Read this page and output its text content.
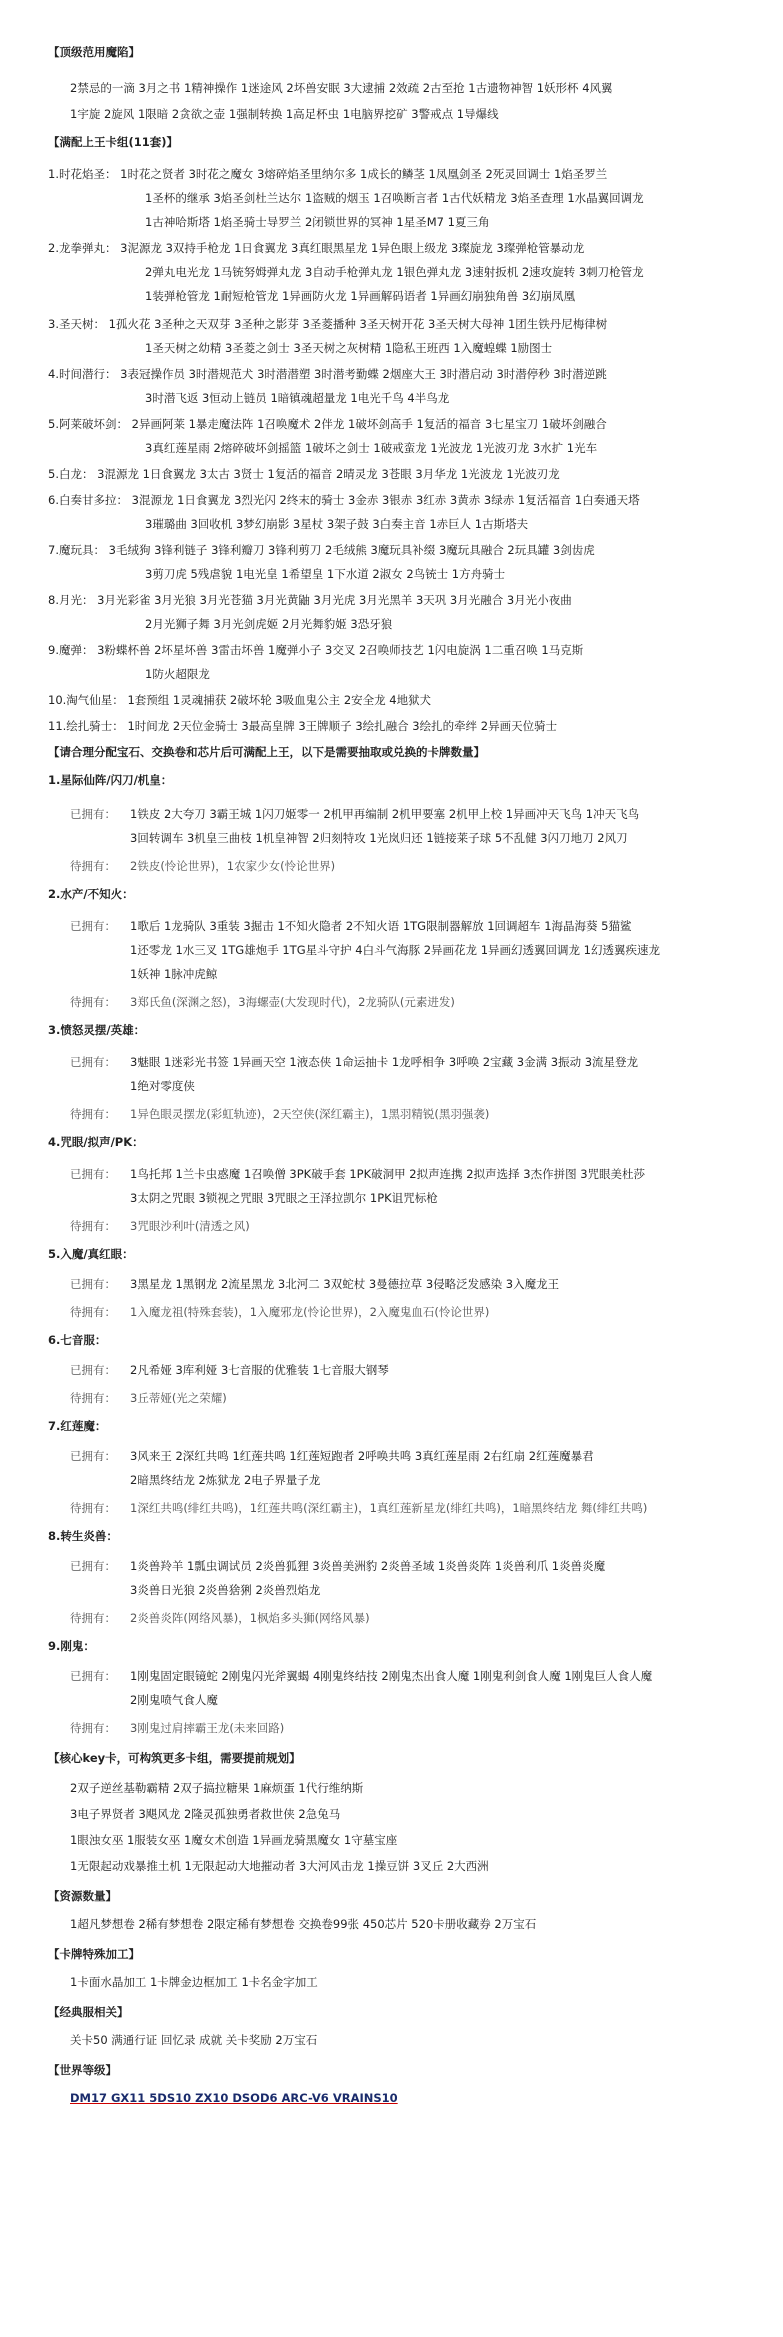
【顶级范用魔陷】
2禁忌的一滴 3月之书 1精神操作 1迷途风 2坏兽安眠 3大逮捕 2效疏 2古至抢 1古遗物神智 1妖形杯 4风翼
1宇旋 2旋风 1限暗 2贪欲之壶 1强制转换 1高足杯虫 1电脑界挖矿 3警戒点 1导爆线
【满配上王卡组(11套)】
1.时花焰圣： 1时花之贤者 3时花之魔女 3熔碎焰圣里纳尔多 1成长的鳞茎 1凤凰剑圣 2死灵回调士 1焰圣罗兰
1圣杯的继承 3焰圣剑杜兰达尔 1盗贼的烟玉 1召唤断言者 1古代妖精龙 3焰圣查理 1水晶翼回调龙
1古神哈斯塔 1焰圣骑士导罗兰 2闭锁世界的冥神 1星圣M7 1夏三角
2.龙拳弹丸： 3泥源龙 3双持手枪龙 1日食翼龙 3真红眼黑星龙 1异色眼上级龙 3璨旋龙 3璨弹枪管暴动龙
2弹丸电光龙 1马铳努姆弹丸龙 3自动手枪弹丸龙 1银色弹丸龙 3速射扳机 2速攻旋转 3刺刀枪管龙
1装弹枪管龙 1耐短枪管龙 1异画防火龙 1异画解码语者 1异画幻崩独角兽 3幻崩凤凰
3.圣天树： 1孤火花 3圣种之天双芽 3圣种之影芽 3圣菱播种 3圣天树开花 3圣天树大母神 1团生铁丹尼梅律树
1圣天树之幼精 3圣菱之剑士 3圣天树之灰树精 1隐私王班西 1入魔蝗蝶 1励图士
4.时间潜行： 3表冠操作员 3时潜规范犬 3时潜潜塑 3时潜考勤蝶 2烟座大王 3时潜启动 3时潜停秒 3时潜逆跳
3时潜飞返 3恒动上链员 1暗镇魂超量龙 1电光千鸟 4半鸟龙
5.阿莱破坏剑： 2异画阿莱 1暴走魔法阵 1召唤魔术 2伴龙 1破坏剑高手 1复活的福音 3七星宝刀 1破坏剑融合
3真红莲星雨 2熔碎破坏剑摇篮 1破坏之剑士 1破戒蛮龙 1光波龙 1光波刃龙 3水扩 1光车
5.白龙： 3混源龙 1日食翼龙 3太古 3贤士 1复活的福音 2晴灵龙 3苍眼 3月华龙 1光波龙 1光波刃龙
6.白奏甘多拉： 3混源龙 1日食翼龙 3烈光闪 2终末的骑士 3金赤 3银赤 3红赤 3黄赤 3绿赤 1复活福音 1白奏通天塔
3璀璐曲 3回收机 3梦幻崩影 3星杖 3架子鼓 3白奏主音 1赤巨人 1古斯塔夫
7.魔玩具： 3毛绒狗 3锋利链子 3锋利瓣刀 3锋利剪刀 2毛绒熊 3魔玩具补缀 3魔玩具融合 2玩具罐 3剑齿虎
3剪刀虎 5残虐貌 1电光皇 1希望皇 1下水道 2淑女 2鸟铳士 1方舟骑士
8.月光： 3月光彩雀 3月光狼 3月光苍猫 3月光黄鼬 3月光虎 3月光黑羊 3天巩 3月光融合 3月光小夜曲
2月光狮子舞 3月光剑虎姬 2月光舞豹姬 3恐牙狼
9.魔弹： 3粉蝶杯兽 2坏星坏兽 3雷击坏兽 1魔弹小子 3交叉 2召唤师技艺 1闪电旋涡 1二重召唤 1马克斯
1防火超限龙
10.淘气仙星： 1套预组 1灵魂捕获 2破坏轮 3吸血鬼公主 2安全龙 4地狱犬
11.绘扎骑士： 1时间龙 2天位金骑士 3最高皇牌 3王牌顺子 3绘扎融合 3绘扎的牵绊 2异画天位骑士
【请合理分配宝石、交换卷和芯片后可满配上王，以下是需要抽取或兑换的卡牌数量】
1.星际仙阵/闪刀/机皇：
已拥有： 1铁皮 2大夸刀 3霸王城 1闪刀姬零一 2机甲再编制 2机甲要塞 2机甲上校 1异画冲天飞鸟 1冲天飞鸟
3回转调车 3机皇三曲枝 1机皇神智 2归刻特攻 1光岚归还 1链接莱子球 5不乱健 3闪刀地刀 2风刀
待拥有： 2铁皮(怜论世界)，1农家少女(怜论世界)
2.水产/不知火：
已拥有： 1歌后 1龙骑队 3重装 3掘击 1不知火隐者 2不知火语 1TG限制器解放 1回调超车 1海晶海葵 5猫鲨
1还零龙 1水三叉 1TG雄炮手 1TG星斗守护 4白斗气海豚 2异画花龙 1异画幻透翼回调龙 1幻透翼疾速龙
1妖神 1脉冲虎鲸
待拥有： 3郑氏鱼(深渊之怒)，3海螺壶(大发现时代)，2龙骑队(元素进发)
3.愤怒灵摆/英雄：
已拥有： 3魅眼 1迷彩光书签 1异画天空 1液态侠 1命运抽卡 1龙呼相争 3呼唤 2宝藏 3金满 3振动 3流星登龙
1绝对零度侠
待拥有： 1异色眼灵摆龙(彩虹轨迹)，2天空侠(深红霸主)，1黑羽精锐(黑羽强袭)
4.咒眼/拟声/PK：
已拥有： 1鸟托邦 1兰卡虫惑魔 1召唤僧 3PK破手套 1PK破洞甲 2拟声连携 2拟声选择 3杰作拼图 3咒眼美杜莎
3太阴之咒眼 3锁视之咒眼 3咒眼之王泽拉凯尔 1PK诅咒标枪
待拥有： 3咒眼沙利叶(清透之风)
5.入魔/真红眼：
已拥有： 3黑星龙 1黑钢龙 2流星黑龙 3北河二 3双蛇杖 3曼德拉草 3侵略泛发感染 3入魔龙王
待拥有： 1入魔龙祖(特殊套装)，1入魔邪龙(怜论世界)，2入魔鬼血石(怜论世界)
6.七音服：
已拥有： 2凡希娅 3库利娅 3七音服的优雅装 1七音服大钢琴
待拥有： 3丘蒂娅(光之荣耀)
7.红莲魔：
已拥有： 3风来王 2深红共鸣 1红莲共鸣 1红莲短跑者 2呼唤共鸣 3真红莲星雨 2右红扇 2红莲魔暴君
2暗黑终结龙 2炼狱龙 2电子界量子龙
待拥有： 1深红共鸣(绯红共鸣)，1红莲共鸣(深红霸主)，1真红莲新星龙(绯红共鸣)，1暗黑终结龙 舞(绯红共鸣)
8.转生炎兽：
已拥有： 1炎兽羚羊 1瓢虫调试员 2炎兽狐狸 3炎兽美洲豹 2炎兽圣域 1炎兽炎阵 1炎兽利爪 1炎兽炎魔
3炎兽日光狼 2炎兽猞猁 2炎兽烈焰龙
待拥有： 2炎兽炎阵(网络风暴)，1枫焰多头狮(网络风暴)
9.刚鬼：
已拥有： 1刚鬼固定眼镜蛇 2刚鬼闪光斧翼蝎 4刚鬼终结技 2刚鬼杰出食人魔 1刚鬼利剑食人魔 1刚鬼巨人食人魔
2刚鬼喷气食人魔
待拥有： 3刚鬼过肩摔霸王龙(未来回路)
【核心key卡，可构筑更多卡组，需要提前规划】
2双子逆丝基勒霸精 2双子搞拉糖果 1麻烦蛋 1代行维纳斯
3电子界贤者 3飓风龙 2隆灵孤独勇者救世侠 2急兔马
1眼浊女巫 1服装女巫 1魔女术创造 1异画龙骑黑魔女 1守墓宝座
1无限起动戏暴推土机 1无限起动大地摧动者 3大河风击龙 1操豆饼 3叉丘 2大西洲
【资源数量】
1超凡梦想卷 2稀有梦想卷 2限定稀有梦想卷 交换卷99张 450芯片 520卡册收藏券 2万宝石
【卡牌特殊加工】
1卡面水晶加工 1卡牌金边框加工 1卡名金字加工
【经典服相关】
关卡50 满通行证 回忆录 成就 关卡奖励 2万宝石
【世界等级】
DM17 GX11 5DS10 ZX10 DSOD6 ARC-V6 VRAINS10
